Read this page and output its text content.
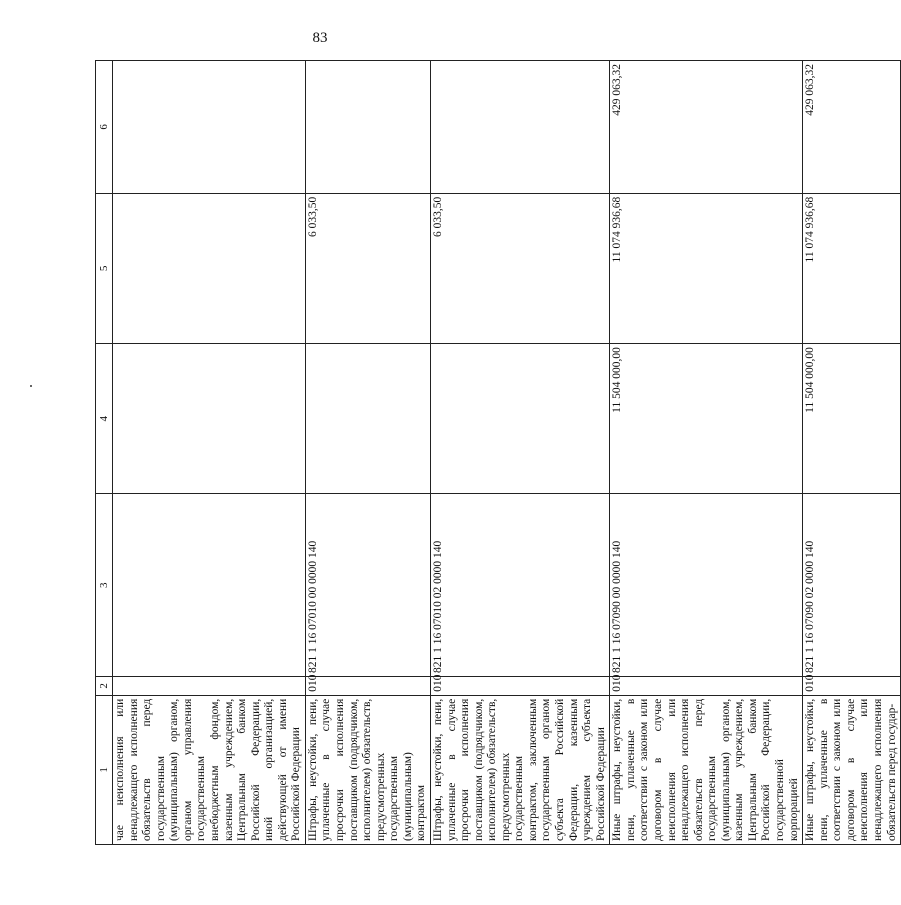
83
1	2	3	4	5	6
чае неисполнения или ненадлежащего исполнения обязательств перед государственным (муниципальным) органом, органом управления государственным внебюджетным фондом, казенным учреждением, Центральным банком Российской Федерации, иной организацией, действующей от имени Российской Федерации					
Штрафы, неустойки, пени, уплаченные в случае просрочки исполнения поставщиком (подрядчиком, исполнителем) обязательств, предусмотренных государственным (муниципальным) контрактом	010	821 1 16 07010 00 0000 140		6 033,50	
Штрафы, неустойки, пени, уплаченные в случае просрочки исполнения поставщиком (подрядчиком, исполнителем) обязательств, предусмотренных государственным контрактом, заключенным государственным органом субъекта Российской Федерации, казенным учреждением субъекта Российской Федерации	010	821 1 16 07010 02 0000 140		6 033,50	
Иные штрафы, неустойки, пени, уплаченные в соответствии с законом или договором в случае неисполнения или ненадлежащего исполнения обязательств перед государственным (муниципальным) органом, казенным учреждением, Центральным банком Российской Федерации, государственной корпорацией	010	821 1 16 07090 00 0000 140	11 504 000,00	11 074 936,68	429 063,32
Иные штрафы, неустойки, пени, уплаченные в соответствии с законом или договором в случае неисполнения или ненадлежащего исполнения обязательств перед государ-	010	821 1 16 07090 02 0000 140	11 504 000,00	11 074 936,68	429 063,32
